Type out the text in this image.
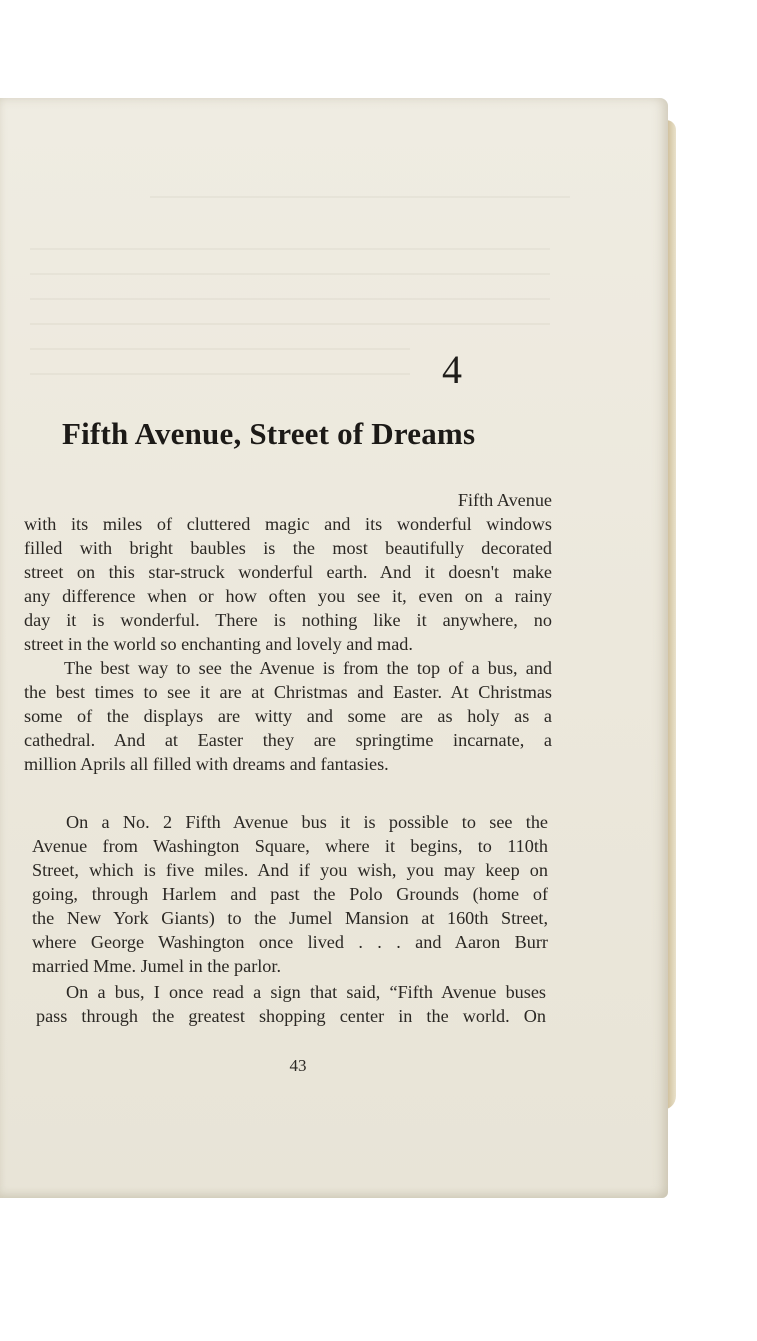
4
Fifth Avenue, Street of Dreams
Fifth Avenue
with its miles of cluttered magic and its wonderful windows
filled with bright baubles is the most beautifully decorated
street on this star-struck wonderful earth. And it doesn't make
any difference when or how often you see it, even on a rainy
day it is wonderful. There is nothing like it anywhere, no
street in the world so enchanting and lovely and mad.
The best way to see the Avenue is from the top of a bus, and
the best times to see it are at Christmas and Easter. At Christmas
some of the displays are witty and some are as holy as a
cathedral. And at Easter they are springtime incarnate, a
million Aprils all filled with dreams and fantasies.
On a No. 2 Fifth Avenue bus it is possible to see the
Avenue from Washington Square, where it begins, to 110th
Street, which is five miles. And if you wish, you may keep on
going, through Harlem and past the Polo Grounds (home of
the New York Giants) to the Jumel Mansion at 160th Street,
where George Washington once lived . . . and Aaron Burr
married Mme. Jumel in the parlor.
On a bus, I once read a sign that said, “Fifth Avenue buses
pass through the greatest shopping center in the world. On
43
